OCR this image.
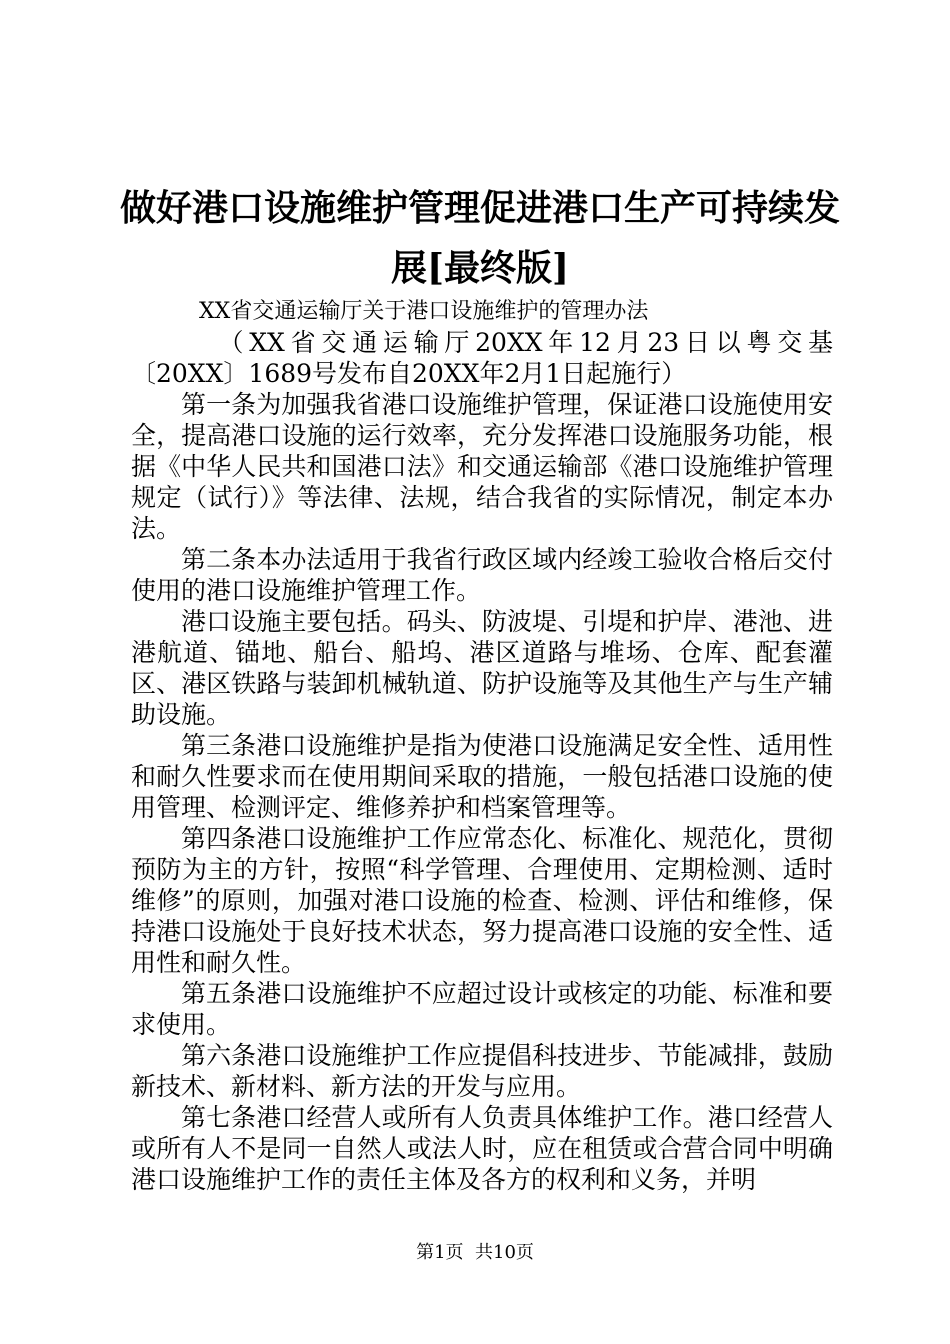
做好港口设施维护管理促进港口生产可持续发
展[最终版]

XX省交通运输厅关于港口设施维护的管理办法

（XX省交通运输厅20XX年12月23日以粤交基

〔20XX〕1689号发布自20XX年2月1日起施行）

第一条为加强我省港口设施维护管理，保证港口设施使用安全，提高港口设施的运行效率，充分发挥港口设施服务功能，根据《中华人民共和国港口法》和交通运输部《港口设施维护管理规定（试行）》等法律、法规，结合我省的实际情况，制定本办法。

第二条本办法适用于我省行政区域内经竣工验收合格后交付使用的港口设施维护管理工作。

港口设施主要包括。码头、防波堤、引堤和护岸、港池、进港航道、锚地、船台、船坞、港区道路与堆场、仓库、配套灌区、港区铁路与装卸机械轨道、防护设施等及其他生产与生产辅助设施。

第三条港口设施维护是指为使港口设施满足安全性、适用性和耐久性要求而在使用期间采取的措施，一般包括港口设施的使用管理、检测评定、维修养护和档案管理等。

第四条港口设施维护工作应常态化、标准化、规范化，贯彻预防为主的方针，按照“科学管理、合理使用、定期检测、适时维修”的原则，加强对港口设施的检查、检测、评估和维修，保持港口设施处于良好技术状态，努力提高港口设施的安全性、适用性和耐久性。

第五条港口设施维护不应超过设计或核定的功能、标准和要求使用。

第六条港口设施维护工作应提倡科技进步、节能减排，鼓励新技术、新材料、新方法的开发与应用。

第七条港口经营人或所有人负责具体维护工作。港口经营人或所有人不是同一自然人或法人时，应在租赁或合营合同中明确港口设施维护工作的责任主体及各方的权利和义务，并明

第1页  共10页
